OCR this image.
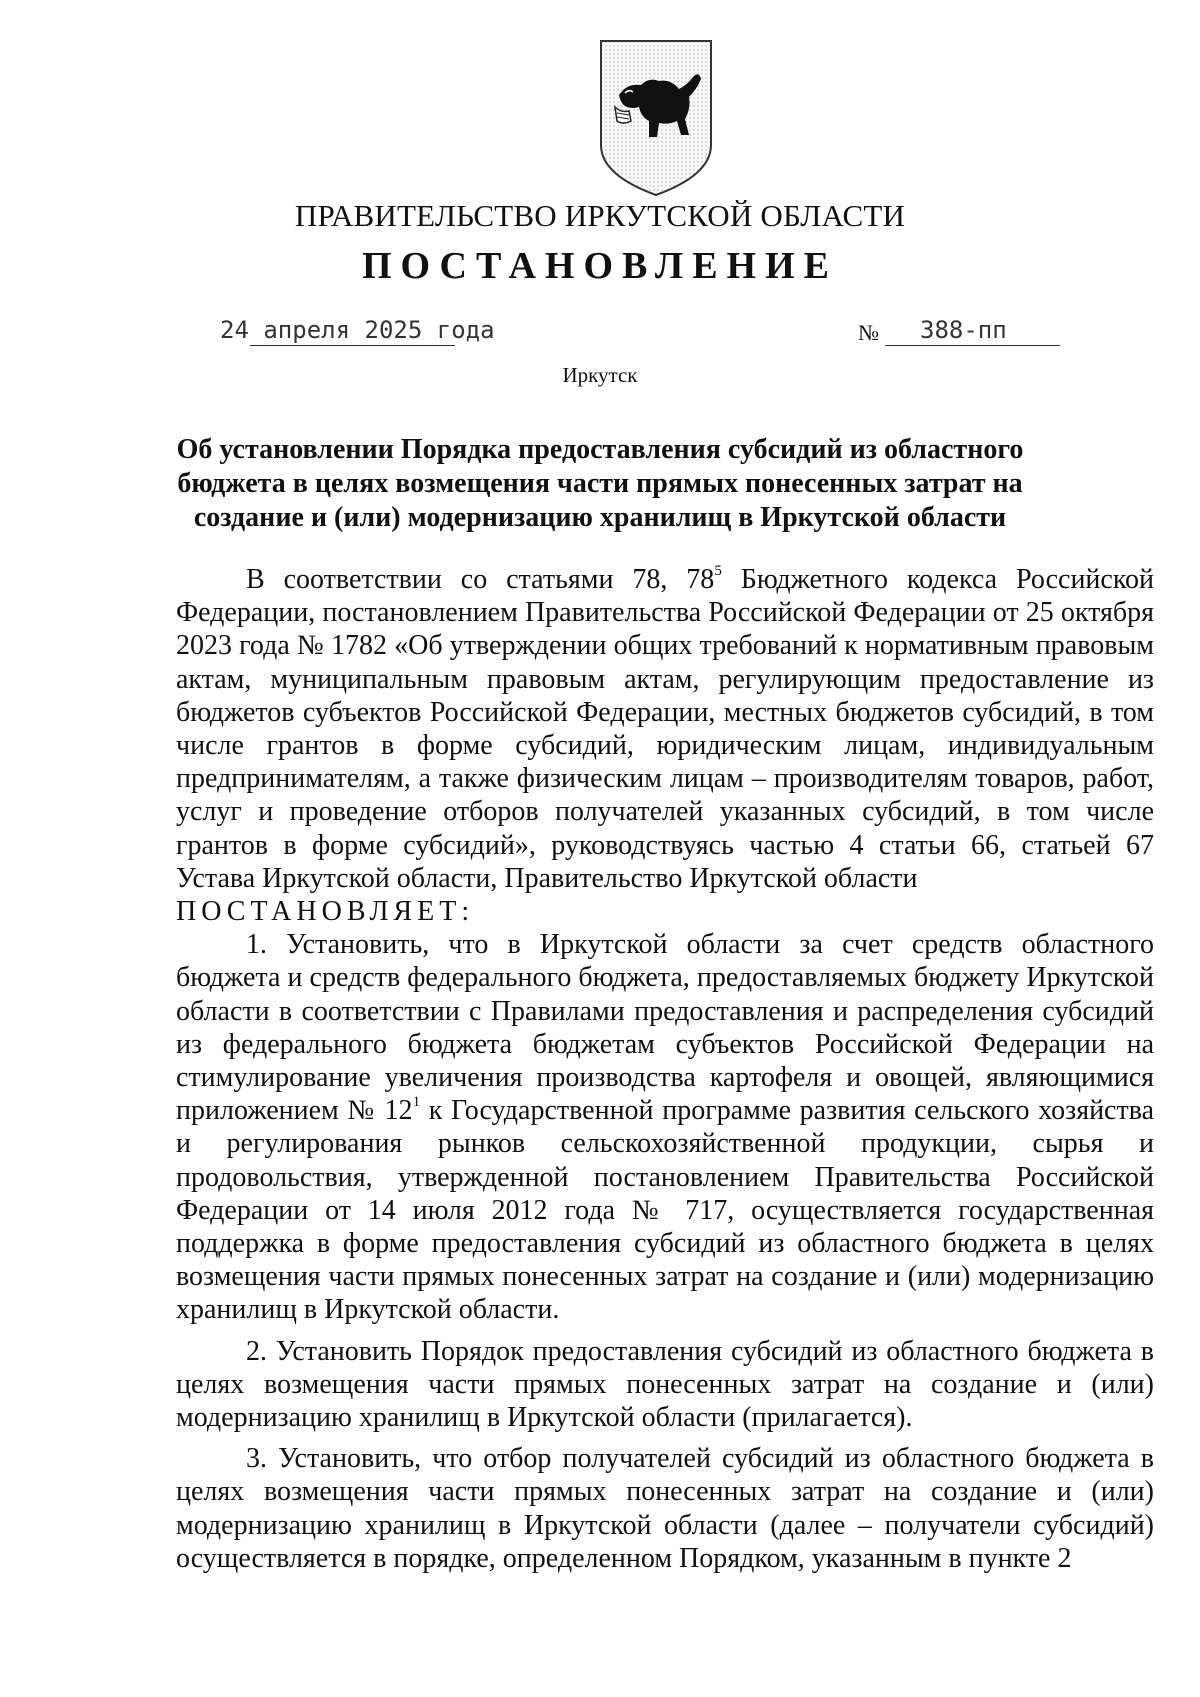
ПРАВИТЕЛЬСТВО ИРКУТСКОЙ ОБЛАСТИ
ПОСТАНОВЛЕНИЕ
24 апреля 2025 года	№ 388-пп
Иркутск
Об установлении Порядка предоставления субсидий из областного
бюджета в целях возмещения части прямых понесенных затрат на
создание и (или) модернизацию хранилищ в Иркутской области

В соответствии со статьями 78, $78^5$ Бюджетного кодекса Российской Федерации, постановлением Правительства Российской Федерации от 25 октября 2023 года № 1782 «Об утверждении общих требований к нормативным правовым актам, муниципальным правовым актам, регулирующим предоставление из бюджетов субъектов Российской Федерации, местных бюджетов субсидий, в том числе грантов в форме субсидий, юридическим лицам, индивидуальным предпринимателям, а также физическим лицам – производителям товаров, работ, услуг и проведение отборов получателей указанных субсидий, в том числе грантов в форме субсидий», руководствуясь частью 4 статьи 66, статьей 67 Устава Иркутской области, Правительство Иркутской области

ПОСТАНОВЛЯЕТ:

1. Установить, что в Иркутской области за счет средств областного бюджета и средств федерального бюджета, предоставляемых бюджету Иркутской области в соответствии с Правилами предоставления и распределения субсидий из федерального бюджета бюджетам субъектов Российской Федерации на стимулирование увеличения производства картофеля и овощей, являющимися приложением № $12^1$ к Государственной программе развития сельского хозяйства и регулирования рынков сельскохозяйственной продукции, сырья и продовольствия, утвержденной постановлением Правительства Российской Федерации от 14 июля 2012 года № 717, осуществляется государственная поддержка в форме предоставления субсидий из областного бюджета в целях возмещения части прямых понесенных затрат на создание и (или) модернизацию хранилищ в Иркутской области.

2. Установить Порядок предоставления субсидий из областного бюджета в целях возмещения части прямых понесенных затрат на создание и (или) модернизацию хранилищ в Иркутской области (прилагается).

3. Установить, что отбор получателей субсидий из областного бюджета в целях возмещения части прямых понесенных затрат на создание и (или) модернизацию хранилищ в Иркутской области (далее – получатели субсидий) осуществляется в порядке, определенном Порядком, указанным в пункте 2
